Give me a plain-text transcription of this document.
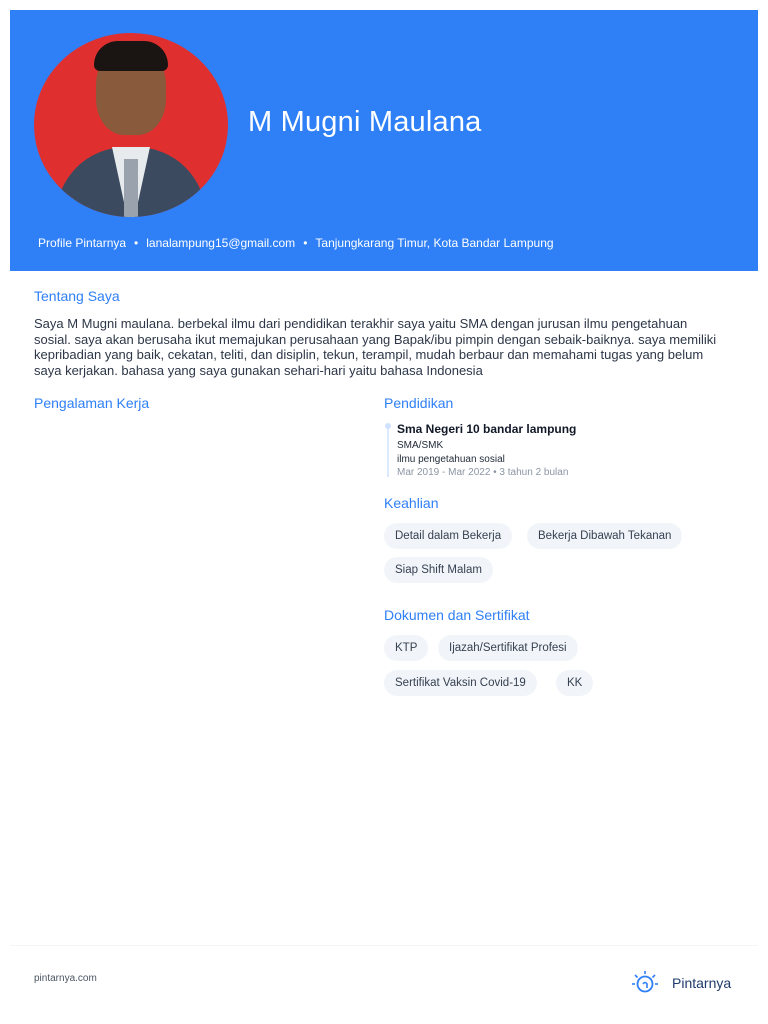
M Mugni Maulana
Profile Pintarnya • lanalampung15@gmail.com • Tanjungkarang Timur, Kota Bandar Lampung
Tentang Saya
Saya M Mugni maulana. berbekal ilmu dari pendidikan terakhir saya yaitu SMA dengan jurusan ilmu pengetahuan
sosial. saya akan berusaha ikut memajukan perusahaan yang Bapak/ibu pimpin dengan sebaik-baiknya. saya memiliki
kepribadian yang baik, cekatan, teliti, dan disiplin, tekun, terampil, mudah berbaur dan memahami tugas yang belum
saya kerjakan. bahasa yang saya gunakan sehari-hari yaitu bahasa Indonesia
Pengalaman Kerja	Pendidikan
Sma Negeri 10 bandar lampung
SMA/SMK
ilmu pengetahuan sosial
Mar 2019 - Mar 2022 • 3 tahun 2 bulan
Keahlian
Detail dalam Bekerja	Bekerja Dibawah Tekanan
Siap Shift Malam
Dokumen dan Sertifikat
KTP	Ijazah/Sertifikat Profesi
Sertifikat Vaksin Covid-19	KK
pintarnya.com	Pintarnya
